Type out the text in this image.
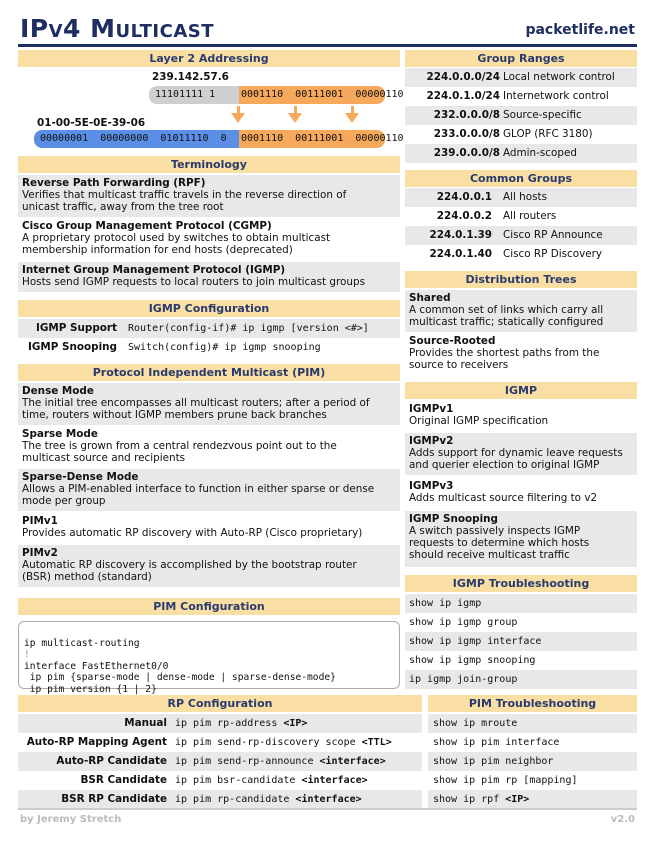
IPv4 Multicast	packetlife.net
Layer 2 Addressing
239.142.57.6
11101111 1	0001110  00111001  00000110
01-00-5E-0E-39-06
00000001  00000000  01011110  0	0001110  00111001  00000110
Terminology
Reverse Path Forwarding (RPF)
Verifies that multicast traffic travels in the reverse direction of
unicast traffic, away from the tree root
Cisco Group Management Protocol (CGMP)
A proprietary protocol used by switches to obtain multicast
membership information for end hosts (deprecated)
Internet Group Management Protocol (IGMP)
Hosts send IGMP requests to local routers to join multicast groups
IGMP Configuration
IGMP Support Router(config-if)# ip igmp [version <#>]
IGMP Snooping Switch(config)# ip igmp snooping
Protocol Independent Multicast (PIM)
Dense Mode
The initial tree encompasses all multicast routers; after a period of
time, routers without IGMP members prune back branches
Sparse Mode
The tree is grown from a central rendezvous point out to the
multicast source and recipients
Sparse-Dense Mode
Allows a PIM-enabled interface to function in either sparse or dense
mode per group
PIMv1
Provides automatic RP discovery with Auto-RP (Cisco proprietary)
PIMv2
Automatic RP discovery is accomplished by the bootstrap router
(BSR) method (standard)
PIM Configuration

ip multicast-routing
!
interface FastEthernet0/0
ip pim {sparse-mode | dense-mode | sparse-dense-mode}
ip pim version {1 | 2}

RP Configuration
Manual ip pim rp-address <IP>
Auto-RP Mapping Agent ip pim send-rp-discovery scope <TTL>
Auto-RP Candidate ip pim send-rp-announce <interface>
BSR Candidate ip pim bsr-candidate <interface>
BSR RP Candidate ip pim rp-candidate <interface>
Group Ranges
224.0.0.0/24 Local network control
224.0.1.0/24 Internetwork control
232.0.0.0/8 Source-specific
233.0.0.0/8 GLOP (RFC 3180)
239.0.0.0/8 Admin-scoped
Common Groups
224.0.0.1 All hosts
224.0.0.2 All routers
224.0.1.39 Cisco RP Announce
224.0.1.40 Cisco RP Discovery
Distribution Trees
Shared
A common set of links which carry all
multicast traffic; statically configured
Source-Rooted
Provides the shortest paths from the
source to receivers
IGMP
IGMPv1
Original IGMP specification
IGMPv2
Adds support for dynamic leave requests
and querier election to original IGMP
IGMPv3
Adds multicast source filtering to v2
IGMP Snooping
A switch passively inspects IGMP
requests to determine which hosts
should receive multicast traffic
IGMP Troubleshooting
show ip igmp
show ip igmp group
show ip igmp interface
show ip igmp snooping
ip igmp join-group
PIM Troubleshooting
show ip mroute
show ip pim interface
show ip pim neighbor
show ip pim rp [mapping]
show ip rpf <IP>
by Jeremy Stretch	v2.0
